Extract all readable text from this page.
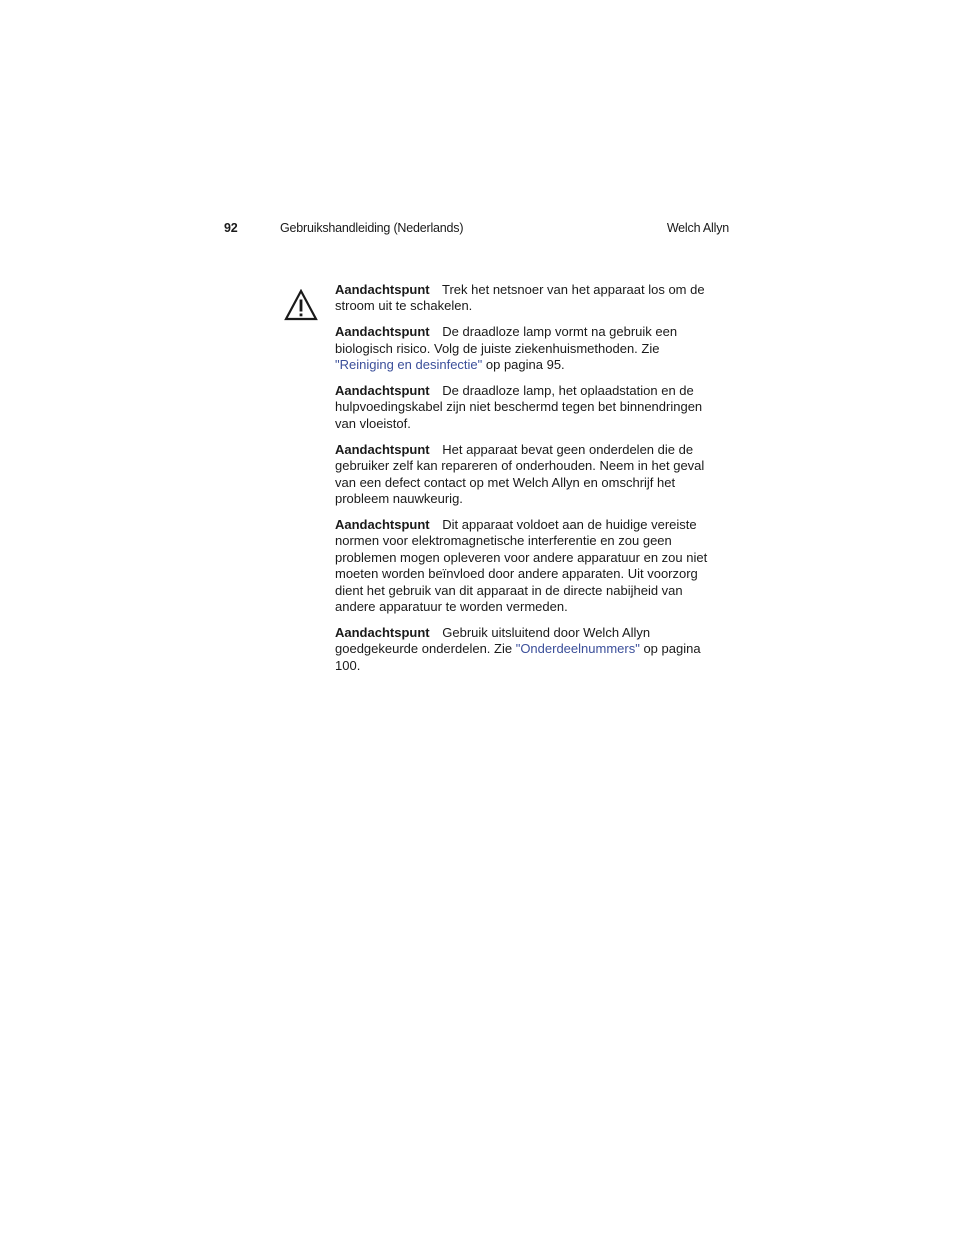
92	Gebruikshandleiding (Nederlands)	Welch Allyn

Aandachtspunt Trek het netsnoer van het apparaat los om de stroom uit te schakelen.

Aandachtspunt De draadloze lamp vormt na gebruik een biologisch risico. Volg de juiste ziekenhuismethoden. Zie "Reiniging en desinfectie" op pagina 95.

Aandachtspunt De draadloze lamp, het oplaadstation en de hulpvoedingskabel zijn niet beschermd tegen bet binnendringen van vloeistof.

Aandachtspunt Het apparaat bevat geen onderdelen die de gebruiker zelf kan repareren of onderhouden. Neem in het geval van een defect contact op met Welch Allyn en omschrijf het probleem nauwkeurig.

Aandachtspunt Dit apparaat voldoet aan de huidige vereiste normen voor elektromagnetische interferentie en zou geen problemen mogen opleveren voor andere apparatuur en zou niet moeten worden beïnvloed door andere apparaten. Uit voorzorg dient het gebruik van dit apparaat in de directe nabijheid van andere apparatuur te worden vermeden.

Aandachtspunt Gebruik uitsluitend door Welch Allyn goedgekeurde onderdelen. Zie "Onderdeelnummers" op pagina 100.
